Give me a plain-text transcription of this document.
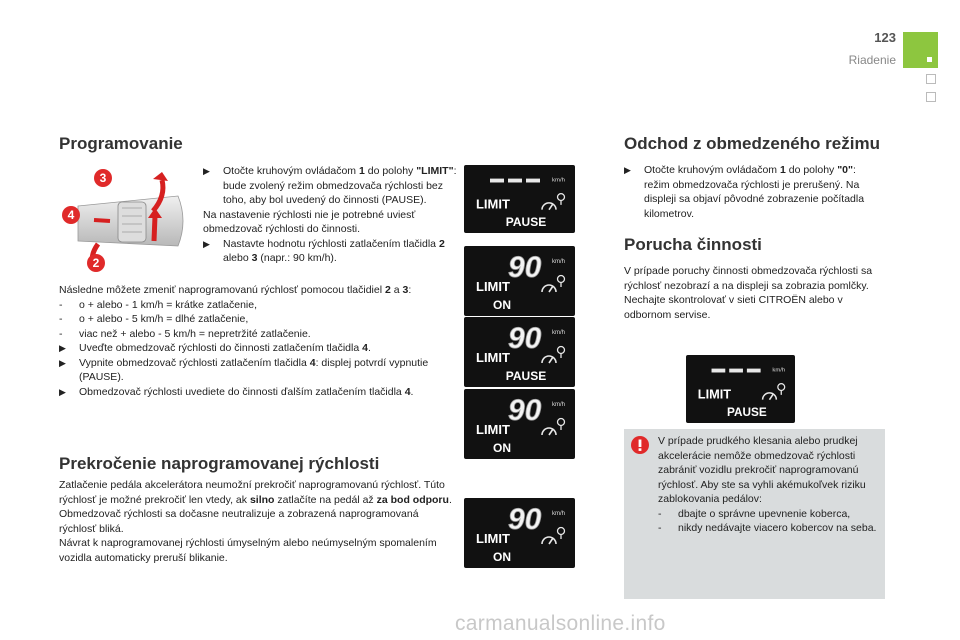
123
Riadenie
Programovanie
3
4
2
▶ Otočte kruhovým ovládačom 1 do polohy "LIMIT": bude zvolený režim obmedzovača rýchlosti bez toho, aby bol uvedený do činnosti (PAUSE).
Na nastavenie rýchlosti nie je potrebné uviesť obmedzovač rýchlosti do činnosti.
▶ Nastavte hodnotu rýchlosti zatlačením tlačidla 2 alebo 3 (napr.: 90 km/h).
Následne môžete zmeniť naprogramovanú rýchlosť pomocou tlačidiel 2 a 3:
- o + alebo - 1 km/h = krátke zatlačenie,
- o + alebo - 5 km/h = dlhé zatlačenie,
- viac než + alebo - 5 km/h = nepretržité zatlačenie.
▶ Uveďte obmedzovač rýchlosti do činnosti zatlačením tlačidla 4.
▶ Vypnite obmedzovač rýchlosti zatlačením tlačidla 4: displej potvrdí vypnutie (PAUSE).
▶ Obmedzovač rýchlosti uvediete do činnosti ďalším zatlačením tlačidla 4.
Prekročenie naprogramovanej rýchlosti
Zatlačenie pedála akcelerátora neumožní prekročiť naprogramovanú rýchlosť. Túto rýchlosť je možné prekročiť len vtedy, ak silno zatlačíte na pedál až za bod odporu.
Obmedzovač rýchlosti sa dočasne neutralizuje a zobrazená naprogramovaná rýchlosť bliká.
Návrat k naprogramovanej rýchlosti úmyselným alebo neúmyselným spomalením vozidla automaticky preruší blikanie.
km/h
LIMIT
PAUSE
90 km/h
LIMIT
ON
90 km/h
LIMIT
PAUSE
90 km/h
LIMIT
ON
90 km/h
LIMIT
ON
km/h
LIMIT
PAUSE
Odchod z obmedzeného režimu
▶ Otočte kruhovým ovládačom 1 do polohy "0": režim obmedzovača rýchlosti je prerušený. Na displeji sa objaví pôvodné zobrazenie počítadla kilometrov.
Porucha činnosti
V prípade poruchy činnosti obmedzovača rýchlosti sa rýchlosť nezobrazí a na displeji sa zobrazia pomlčky.
Nechajte skontrolovať v sieti CITROËN alebo v odbornom servise.
V prípade prudkého klesania alebo prudkej akcelerácie nemôže obmedzovač rýchlosti zabrániť vozidlu prekročiť naprogramovanú rýchlosť. Aby ste sa vyhli akémukoľvek riziku zablokovania pedálov:
- dbajte o správne upevnenie koberca,
- nikdy nedávajte viacero kobercov na seba.
carmanualsonline.info
